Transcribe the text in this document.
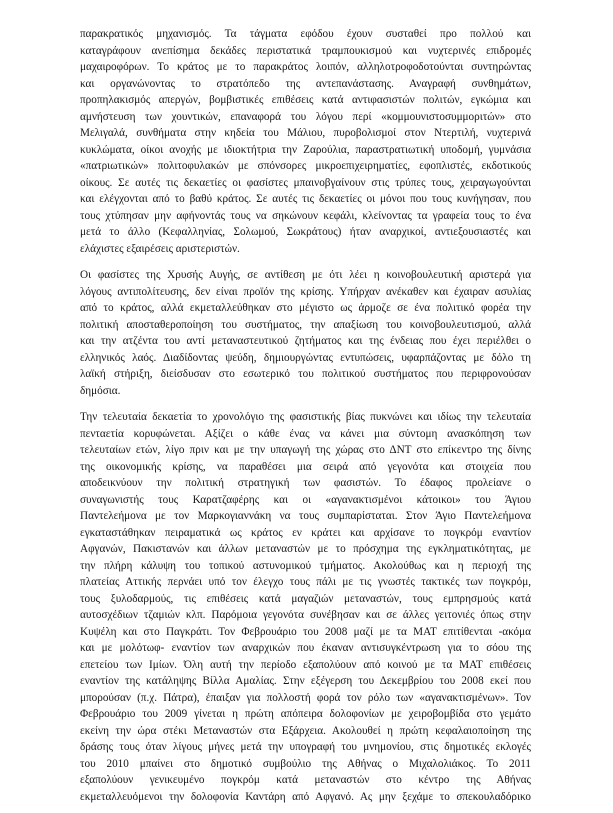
παρακρατικός μηχανισμός. Τα τάγματα εφόδου έχουν συσταθεί προ πολλού και
καταγράφουν ανεπίσημα δεκάδες περιστατικά τραμπουκισμού και νυχτερινές επιδρομές
μαχαιροφόρων. Το κράτος με το παρακράτος λοιπόν, αλληλοτροφοδοτούνται συντηρώντας
και οργανώνοντας το στρατόπεδο της αντεπανάστασης. Αναγραφή συνθημάτων,
προπηλακισμός απεργών, βομβιστικές επιθέσεις κατά αντιφασιστών πολιτών, εγκώμια και
αμνήστευση των χουντικών, επαναφορά του λόγου περί «κομμουνιστοσυμμοριτών» στο
Μελιγαλά, συνθήματα στην κηδεία του Μάλιου, πυροβολισμοί στον Ντερτιλή, νυχτερινά
κυκλώματα, οίκοι ανοχής με ιδιοκτήτρια την Ζαρούλια, παραστρατιωτική υποδομή, γυμνάσια
«πατριωτικών» πολιτοφυλακών με σπόνσορες μικροεπιχειρηματίες, εφοπλιστές, εκδοτικούς
οίκους. Σε αυτές τις δεκαετίες οι φασίστες μπαινοβγαίνουν στις τρύπες τους, χειραγωγούνται
και ελέγχονται από το βαθύ κράτος. Σε αυτές τις δεκαετίες οι μόνοι που τους κυνήγησαν, που
τους χτύπησαν μην αφήνοντάς τους να σηκώνουν κεφάλι, κλείνοντας τα γραφεία τους το ένα
μετά το άλλο (Κεφαλληνίας, Σολωμού, Σωκράτους) ήταν αναρχικοί, αντιεξουσιαστές και
ελάχιστες εξαιρέσεις αριστεριστών.
Οι φασίστες της Χρυσής Αυγής, σε αντίθεση με ότι λέει η κοινοβουλευτική αριστερά για
λόγους αντιπολίτευσης, δεν είναι προϊόν της κρίσης. Υπήρχαν ανέκαθεν και έχαιραν ασυλίας
από το κράτος, αλλά εκμεταλλεύθηκαν στο μέγιστο ως άρμοζε σε ένα πολιτικό φορέα την
πολιτική αποσταθεροποίηση του συστήματος, την απαξίωση του κοινοβουλευτισμού, αλλά
και την ατζέντα του αντί μεταναστευτικού ζητήματος και της ένδειας που έχει περιέλθει ο
ελληνικός λαός. Διαδίδοντας ψεύδη, δημιουργώντας εντυπώσεις, υφαρπάζοντας με δόλο τη
λαϊκή στήριξη, διείσδυσαν στο εσωτερικό του πολιτικού συστήματος που περιφρονούσαν
δημόσια.
Την τελευταία δεκαετία το χρονολόγιο της φασιστικής βίας πυκνώνει και ιδίως την τελευταία
πενταετία κορυφώνεται. Αξίζει ο κάθε ένας να κάνει μια σύντομη ανασκόπηση των
τελευταίων ετών, λίγο πριν και με την υπαγωγή της χώρας στο ΔΝΤ στο επίκεντρο της δίνης
της οικονομικής κρίσης, να παραθέσει μια σειρά από γεγονότα και στοιχεία που
αποδεικνύουν την πολιτική στρατηγική των φασιστών. Το έδαφος προλείανε ο
συναγωνιστής τους Καρατζαφέρης και οι «αγανακτισμένοι κάτοικοι» του Άγιου
Παντελεήμονα με τον Μαρκογιαννάκη να τους συμπαρίσταται. Στον Άγιο Παντελεήμονα
εγκαταστάθηκαν πειραματικά ως κράτος εν κράτει και αρχίσανε το πογκρόμ εναντίον
Αφγανών, Πακιστανών και άλλων μεταναστών με το πρόσχημα της εγκληματικότητας, με
την πλήρη κάλυψη του τοπικού αστυνομικού τμήματος. Ακολούθως και η περιοχή της
πλατείας Αττικής περνάει υπό τον έλεγχο τους πάλι με τις γνωστές τακτικές των πογκρόμ,
τους ξυλοδαρμούς, τις επιθέσεις κατά μαγαζιών μεταναστών, τους εμπρησμούς κατά
αυτοσχέδιων τζαμιών κλπ. Παρόμοια γεγονότα συνέβησαν και σε άλλες γειτονιές όπως στην
Κυψέλη και στο Παγκράτι. Τον Φεβρουάριο του 2008 μαζί με τα ΜΑΤ επιτίθενται -ακόμα
και με μολότωφ- εναντίον των αναρχικών που έκαναν αντισυγκέντρωση για το σόου της
επετείου των Ιμίων. Όλη αυτή την περίοδο εξαπολύουν από κοινού με τα ΜΑΤ επιθέσεις
εναντίον της κατάληψης Βίλλα Αμαλίας. Στην εξέγερση του Δεκεμβρίου του 2008 εκεί που
μπορούσαν (π.χ. Πάτρα), έπαιξαν για πολλοστή φορά τον ρόλο των «αγανακτισμένων». Τον
Φεβρουάριο του 2009 γίνεται η πρώτη απόπειρα δολοφονίων με χειροβομβίδα στο γεμάτο
εκείνη την ώρα στέκι Μεταναστών στα Εξάρχεια. Ακολουθεί η πρώτη κεφαλαιοποίηση της
δράσης τους όταν λίγους μήνες μετά την υπογραφή του μνημονίου, στις δημοτικές εκλογές
του 2010 μπαίνει στο δημοτικό συμβούλιο της Αθήνας ο Μιχαλολιάκος. Το 2011
εξαπολύουν γενικευμένο πογκρόμ κατά μεταναστών στο κέντρο της Αθήνας
εκμεταλλευόμενοι την δολοφονία Καντάρη από Αφγανό. Ας μην ξεχάμε το σπεκουλαδόρικο
